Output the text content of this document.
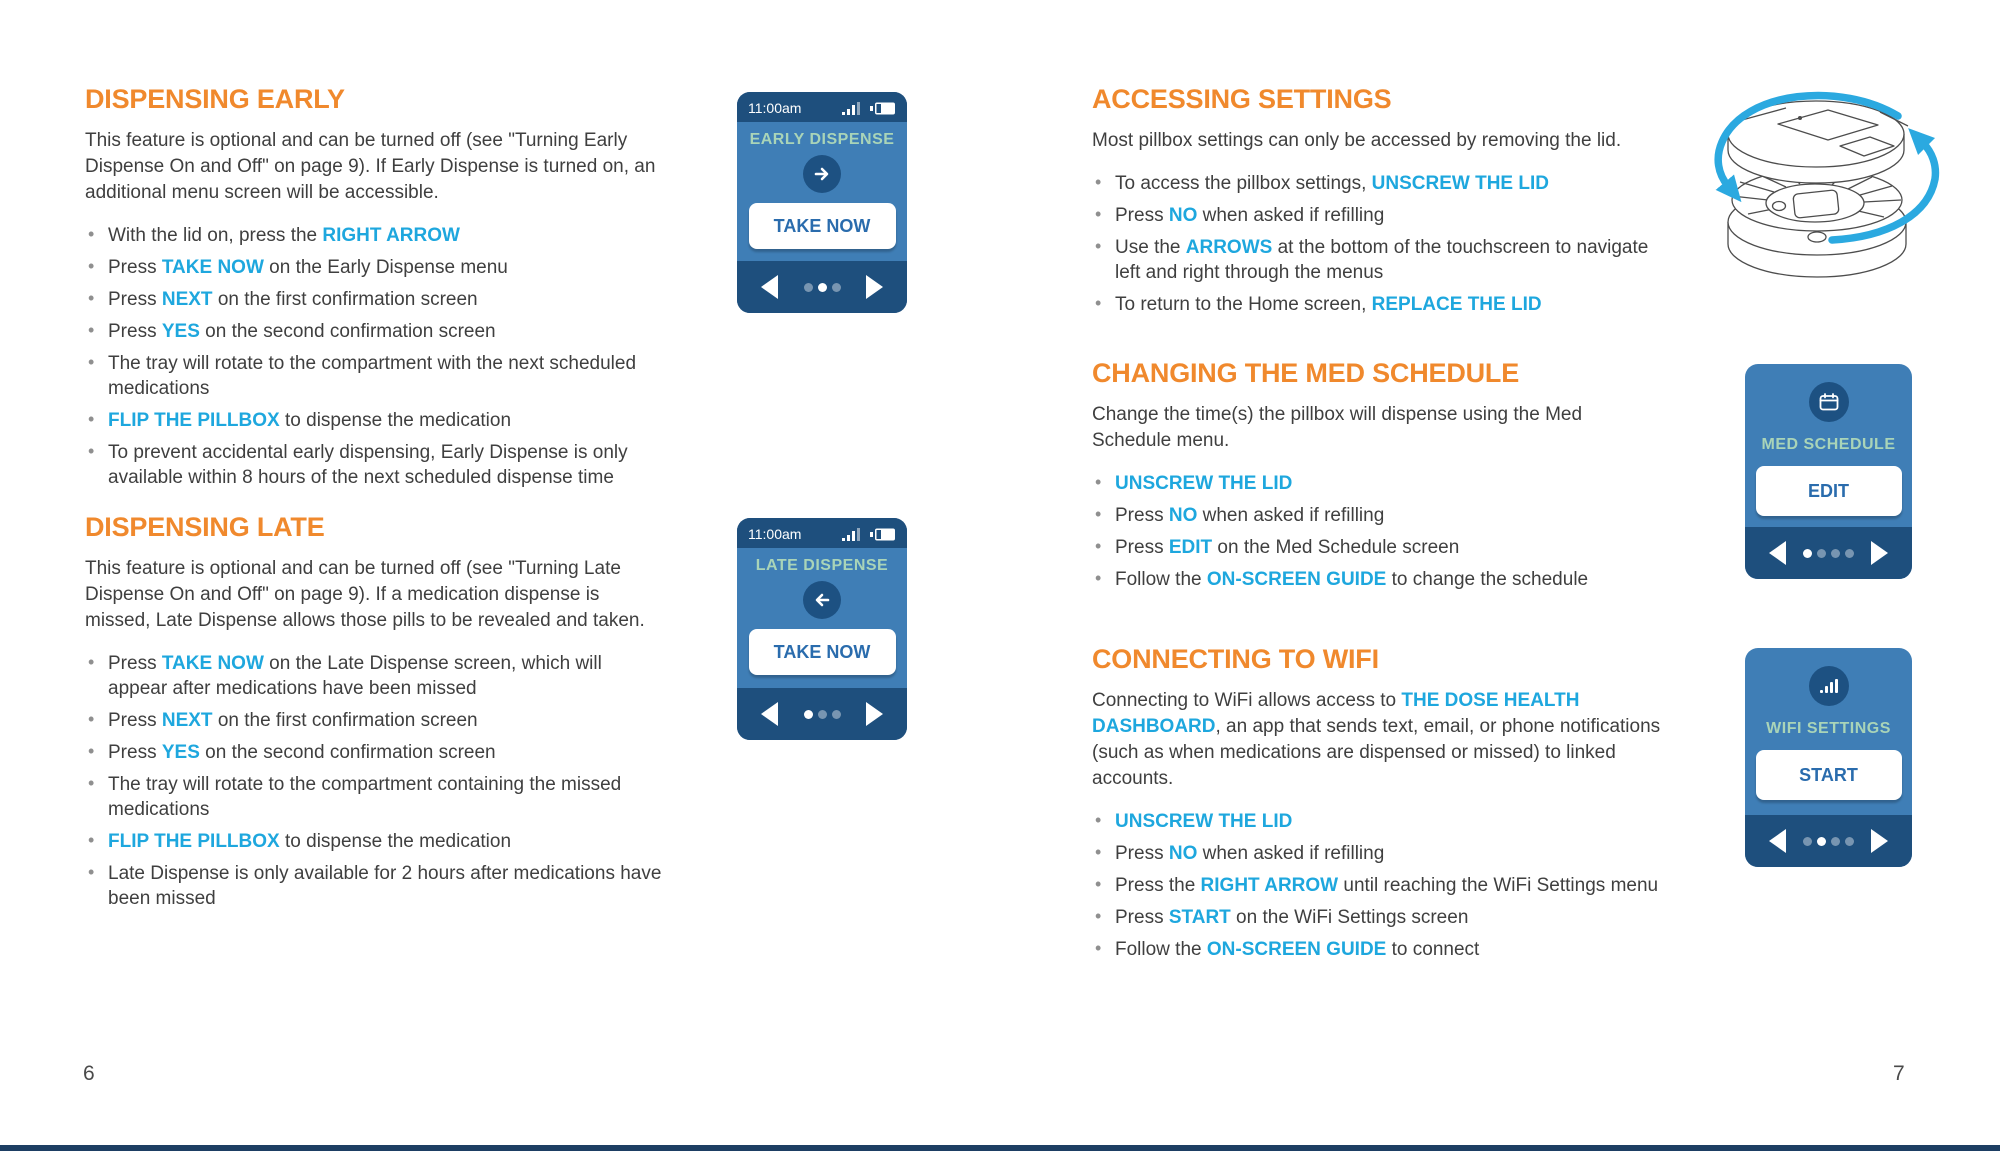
DISPENSING EARLY

This feature is optional and can be turned off (see "Turning Early Dispense On and Off" on page 9). If Early Dispense is turned on, an additional menu screen will be accessible.

• With the lid on, press the RIGHT ARROW
• Press TAKE NOW on the Early Dispense menu
• Press NEXT on the first confirmation screen
• Press YES on the second confirmation screen
• The tray will rotate to the compartment with the next scheduled medications
• FLIP THE PILLBOX to dispense the medication
• To prevent accidental early dispensing, Early Dispense is only available within 8 hours of the next scheduled dispense time
DISPENSING LATE

This feature is optional and can be turned off (see "Turning Late Dispense On and Off" on page 9). If a medication dispense is missed, Late Dispense allows those pills to be revealed and taken.

• Press TAKE NOW on the Late Dispense screen, which will appear after medications have been missed
• Press NEXT on the first confirmation screen
• Press YES on the second confirmation screen
• The tray will rotate to the compartment containing the missed medications
• FLIP THE PILLBOX to dispense the medication
• Late Dispense is only available for 2 hours after medications have been missed
11:00am
EARLY DISPENSE
TAKE NOW
11:00am
LATE DISPENSE
TAKE NOW
ACCESSING SETTINGS

Most pillbox settings can only be accessed by removing the lid.

• To access the pillbox settings, UNSCREW THE LID
• Press NO when asked if refilling
• Use the ARROWS at the bottom of the touchscreen to navigate left and right through the menus
• To return to the Home screen, REPLACE THE LID
CHANGING THE MED SCHEDULE

Change the time(s) the pillbox will dispense using the Med Schedule menu.

• UNSCREW THE LID
• Press NO when asked if refilling
• Press EDIT on the Med Schedule screen
• Follow the ON-SCREEN GUIDE to change the schedule
CONNECTING TO WIFI

Connecting to WiFi allows access to THE DOSE HEALTH DASHBOARD, an app that sends text, email, or phone notifications (such as when medications are dispensed or missed) to linked accounts.

• UNSCREW THE LID
• Press NO when asked if refilling
• Press the RIGHT ARROW until reaching the WiFi Settings menu
• Press START on the WiFi Settings screen
• Follow the ON-SCREEN GUIDE to connect
MED SCHEDULE
EDIT
WIFI SETTINGS
START
6	7
